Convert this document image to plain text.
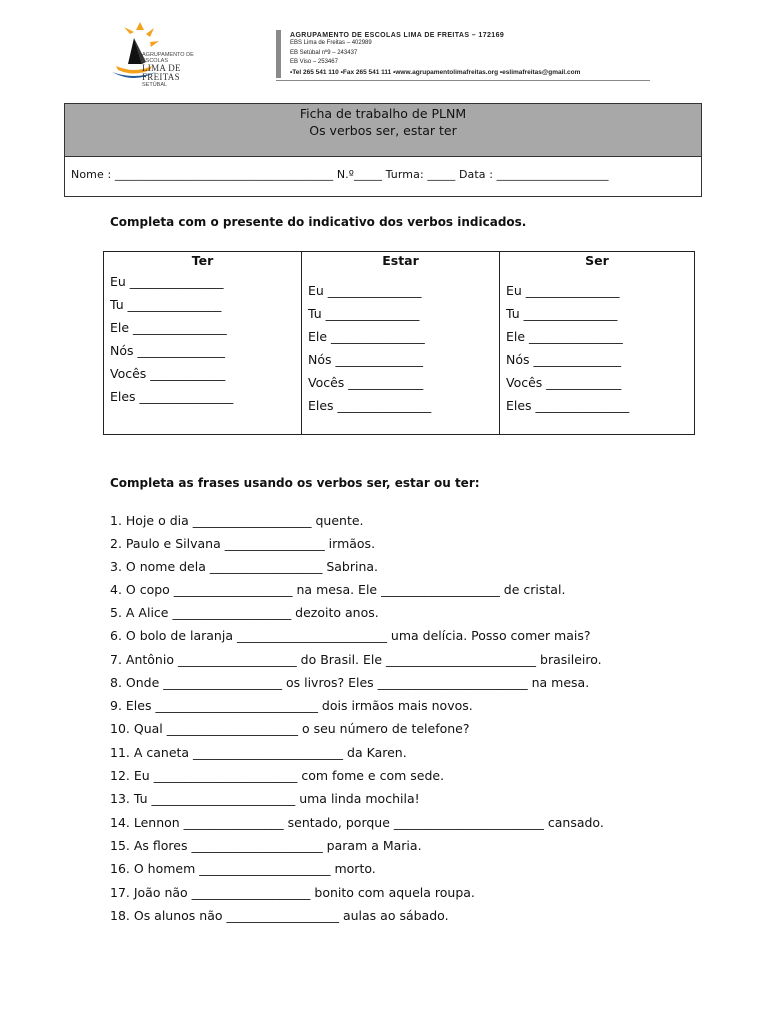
AGRUPAMENTO DE ESCOLAS
LIMA DE FREITAS
SETÚBAL
AGRUPAMENTO DE ESCOLAS LIMA DE FREITAS – 172169
EBS Lima de Freitas – 402989
EB Setúbal nº9 – 243437
EB Viso – 253467
•Tel 265 541 110 •Fax 265 541 111 •www.agrupamentolimafreitas.org •eslimafreitas@gmail.com
Ficha de trabalho de PLNM
Os verbos ser, estar ter
Nome : _______________________________________ N.º_____ Turma: _____ Data : ____________________
Completa com o presente do indicativo dos verbos indicados.
Ter
Eu _______________
Tu _______________
Ele _______________
Nós ______________
Vocês ____________
Eles _______________
Estar
Eu _______________
Tu _______________
Ele _______________
Nós ______________
Vocês ____________
Eles _______________
Ser
Eu _______________
Tu _______________
Ele _______________
Nós ______________
Vocês ____________
Eles _______________
Completa as frases usando os verbos ser, estar ou ter:
1. Hoje o dia ___________________ quente.
2. Paulo e Silvana ________________ irmãos.
3. O nome dela __________________ Sabrina.
4. O copo ___________________ na mesa. Ele ___________________ de cristal.
5. A Alice ___________________ dezoito anos.
6. O bolo de laranja ________________________ uma delícia. Posso comer mais?
7. Antônio ___________________ do Brasil. Ele ________________________ brasileiro.
8. Onde ___________________ os livros? Eles ________________________ na mesa.
9. Eles __________________________ dois irmãos mais novos.
10. Qual _____________________ o seu número de telefone?
11. A caneta ________________________ da Karen.
12. Eu _______________________ com fome e com sede.
13. Tu _______________________ uma linda mochila!
14. Lennon ________________ sentado, porque ________________________ cansado.
15. As flores _____________________ param a Maria.
16. O homem _____________________ morto.
17. João não ___________________ bonito com aquela roupa.
18. Os alunos não __________________ aulas ao sábado.
